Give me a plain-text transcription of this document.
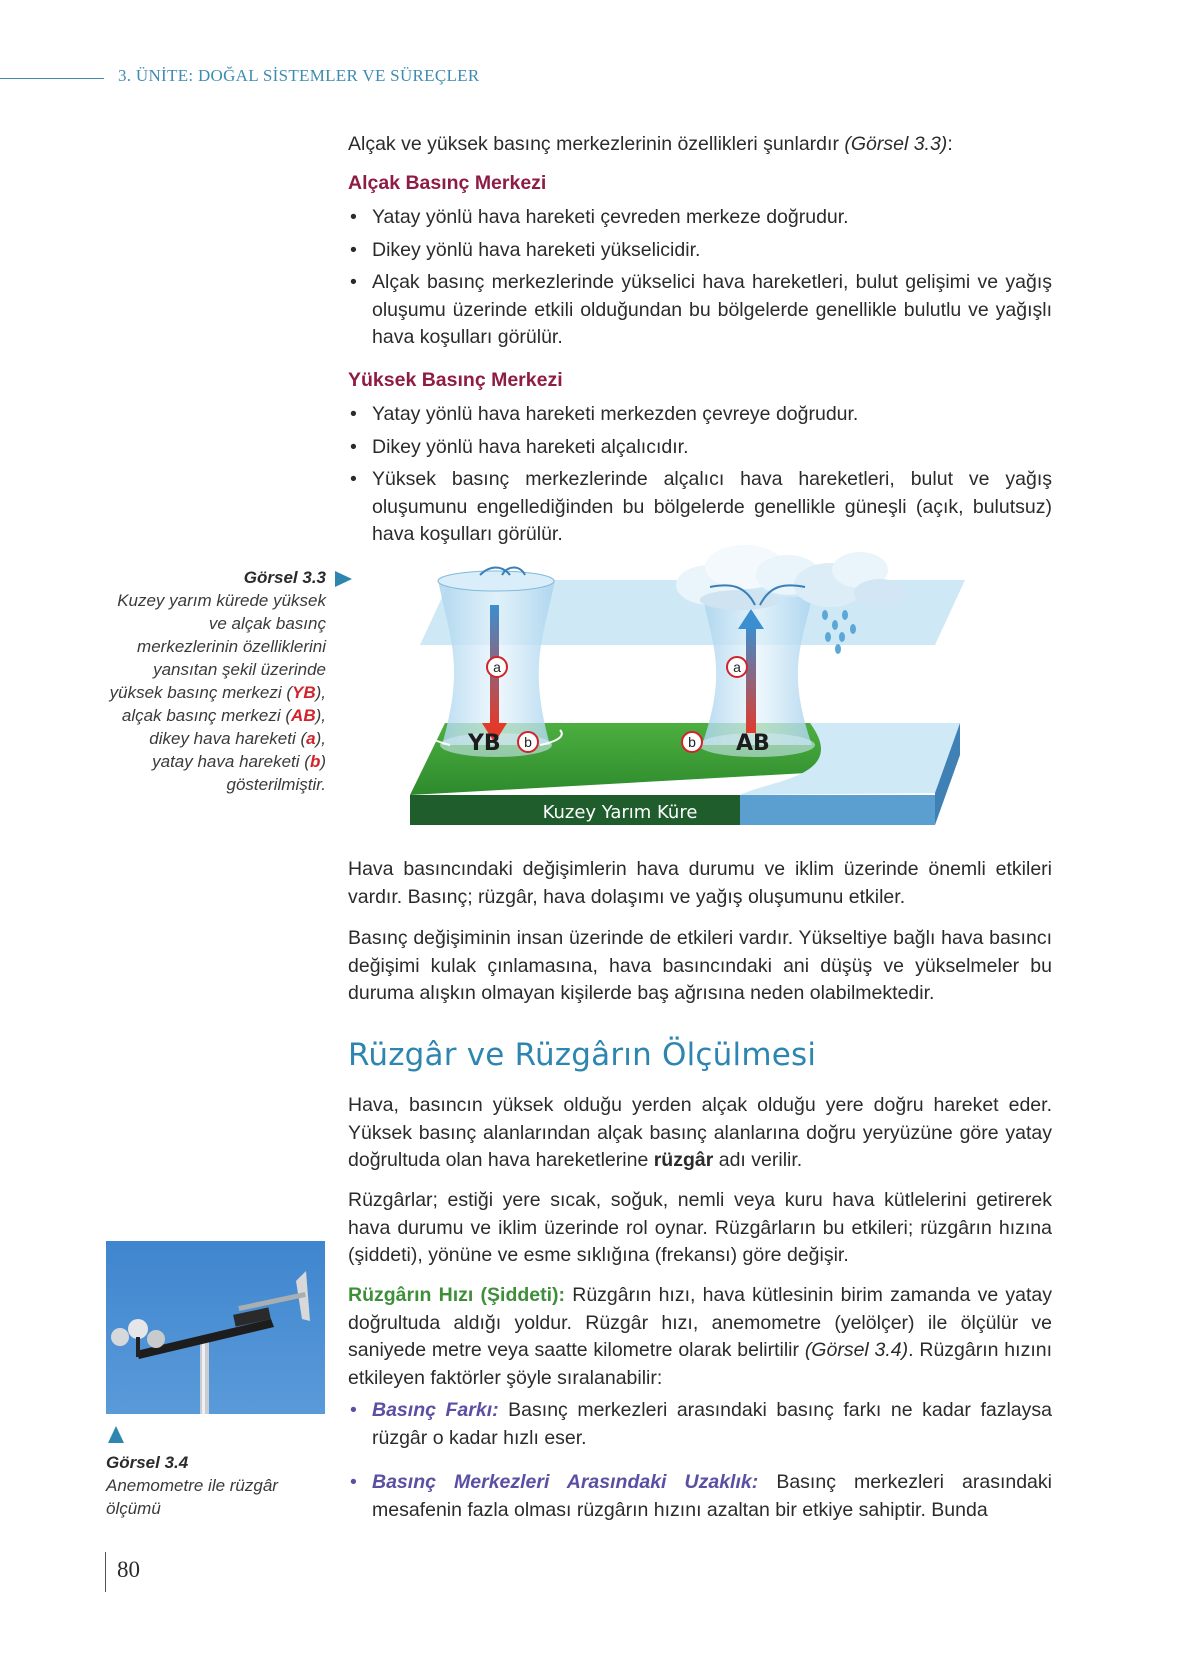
3. ÜNİTE: DOĞAL SİSTEMLER VE SÜREÇLER
Alçak ve yüksek basınç merkezlerinin özellikleri şunlardır (Görsel 3.3):
Alçak Basınç Merkezi
• Yatay yönlü hava hareketi çevreden merkeze doğrudur.
• Dikey yönlü hava hareketi yükselicidir.
• Alçak basınç merkezlerinde yükselici hava hareketleri, bulut gelişimi ve yağış oluşumu üzerinde etkili olduğundan bu bölgelerde genellikle bulutlu ve yağışlı hava koşulları görülür.
Yüksek Basınç Merkezi
• Yatay yönlü hava hareketi merkezden çevreye doğrudur.
• Dikey yönlü hava hareketi alçalıcıdır.
• Yüksek basınç merkezlerinde alçalıcı hava hareketleri, bulut ve yağış oluşumunu engellediğinden bu bölgelerde genellikle güneşli (açık, bulutsuz) hava koşulları görülür.
Görsel 3.3
Kuzey yarım kürede yüksek ve alçak basınç merkezlerinin özelliklerini yansıtan şekil üzerinde yüksek basınç merkezi (YB), alçak basınç merkezi (AB), dikey hava hareketi (a), yatay hava hareketi (b) gösterilmiştir.
a	a
b	b
YB	AB
Kuzey Yarım Küre
Hava basıncındaki değişimlerin hava durumu ve iklim üzerinde önemli etkileri vardır. Basınç; rüzgâr, hava dolaşımı ve yağış oluşumunu etkiler.
Basınç değişiminin insan üzerinde de etkileri vardır. Yükseltiye bağlı hava basıncı değişimi kulak çınlamasına, hava basıncındaki ani düşüş ve yükselmeler bu duruma alışkın olmayan kişilerde baş ağrısına neden olabilmektedir.
Rüzgâr ve Rüzgârın Ölçülmesi
Hava, basıncın yüksek olduğu yerden alçak olduğu yere doğru hareket eder. Yüksek basınç alanlarından alçak basınç alanlarına doğru yeryüzüne göre yatay doğrultuda olan hava hareketlerine rüzgâr adı verilir.
Rüzgârlar; estiği yere sıcak, soğuk, nemli veya kuru hava kütlelerini getirerek hava durumu ve iklim üzerinde rol oynar. Rüzgârların bu etkileri; rüzgârın hızına (şiddeti), yönüne ve esme sıklığına (frekansı) göre değişir.
Rüzgârın Hızı (Şiddeti): Rüzgârın hızı, hava kütlesinin birim zamanda ve yatay doğrultuda aldığı yoldur. Rüzgâr hızı, anemometre (yelölçer) ile ölçülür ve saniyede metre veya saatte kilometre olarak belirtilir (Görsel 3.4). Rüzgârın hızını etkileyen faktörler şöyle sıralanabilir:
• Basınç Farkı: Basınç merkezleri arasındaki basınç farkı ne kadar fazlaysa rüzgâr o kadar hızlı eser.
• Basınç Merkezleri Arasındaki Uzaklık: Basınç merkezleri arasındaki mesafenin fazla olması rüzgârın hızını azaltan bir etkiye sahiptir. Bunda
Görsel 3.4
Anemometre ile rüzgâr ölçümü
80
